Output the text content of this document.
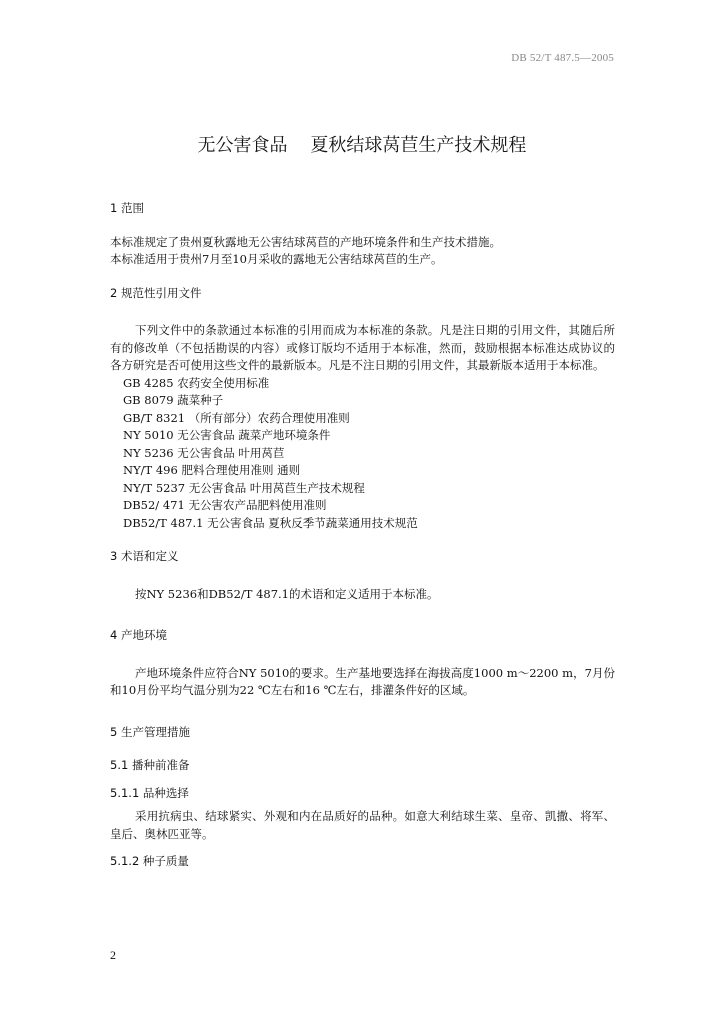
DB 52/T 487.5—2005
无公害食品    夏秋结球莴苣生产技术规程
1 范围

本标准规定了贵州夏秋露地无公害结球莴苣的产地环境条件和生产技术措施。

本标准适用于贵州7月至10月采收的露地无公害结球莴苣的生产。

2 规范性引用文件

下列文件中的条款通过本标准的引用而成为本标准的条款。凡是注日期的引用文件，其随后所有的修改单（不包括勘误的内容）或修订版均不适用于本标准，然而，鼓励根据本标准达成协议的各方研究是否可使用这些文件的最新版本。凡是不注日期的引用文件，其最新版本适用于本标准。

GB 4285 农药安全使用标准
GB 8079 蔬菜种子
GB/T 8321 （所有部分）农药合理使用准则
NY 5010 无公害食品 蔬菜产地环境条件
NY 5236 无公害食品 叶用莴苣
NY/T 496 肥料合理使用准则 通则
NY/T 5237 无公害食品 叶用莴苣生产技术规程
DB52/ 471 无公害农产品肥料使用准则
DB52/T 487.1 无公害食品 夏秋反季节蔬菜通用技术规范
3 术语和定义

按NY 5236和DB52/T 487.1的术语和定义适用于本标准。

4 产地环境

产地环境条件应符合NY 5010的要求。生产基地要选择在海拔高度1000 m～2200 m，7月份和10月份平均气温分别为22 ℃左右和16 ℃左右，排灌条件好的区域。

5 生产管理措施
5.1 播种前准备
5.1.1 品种选择

采用抗病虫、结球紧实、外观和内在品质好的品种。如意大利结球生菜、皇帝、凯撒、将军、皇后、奥林匹亚等。

5.1.2 种子质量
2
